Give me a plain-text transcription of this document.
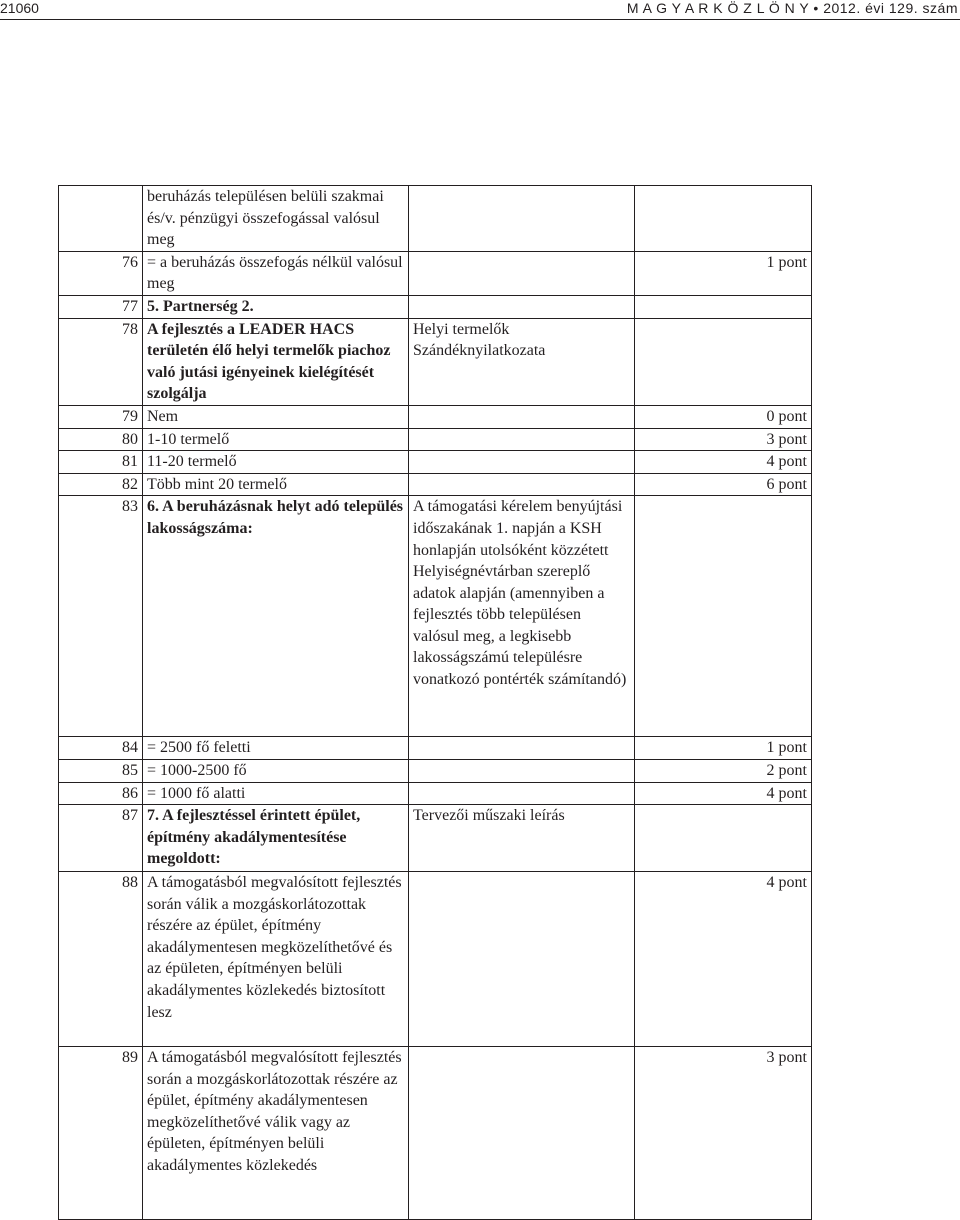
21060	M A G Y A R K Ö Z L Ö N Y • 2012. évi 129. szám
	beruházás településen belüli szakmai és/v. pénzügyi összefogással valósul meg		
76	= a beruházás összefogás nélkül valósul meg		1 pont
77	5. Partnerség 2.		
78	A fejlesztés a LEADER HACS területén élő helyi termelők piachoz való jutási igényeinek kielégítését szolgálja	Helyi termelők Szándéknyilatkozata	
79	Nem		0 pont
80	1-10 termelő		3 pont
81	11-20 termelő		4 pont
82	Több mint 20 termelő		6 pont
83	6. A beruházásnak helyt adó település lakosságszáma:	A támogatási kérelem benyújtási időszakának 1. napján a KSH honlapján utolsóként közzétett Helyiségnévtárban szereplő adatok alapján (amennyiben a fejlesztés több településen valósul meg, a legkisebb lakosságszámú településre vonatkozó pontérték számítandó)	
84	= 2500 fő feletti		1 pont
85	= 1000-2500 fő		2 pont
86	= 1000 fő alatti		4 pont
87	7. A fejlesztéssel érintett épület, építmény akadálymentesítése megoldott:	Tervezői műszaki leírás	
88	A támogatásból megvalósított fejlesztés során válik a mozgáskorlátozottak részére az épület, építmény akadálymentesen megközelíthetővé és az épületen, építményen belüli akadálymentes közlekedés biztosított lesz		4 pont
89	A támogatásból megvalósított fejlesztés során a mozgáskorlátozottak részére az épület, építmény akadálymentesen megközelíthetővé válik vagy az épületen, építményen belüli akadálymentes közlekedés		3 pont
